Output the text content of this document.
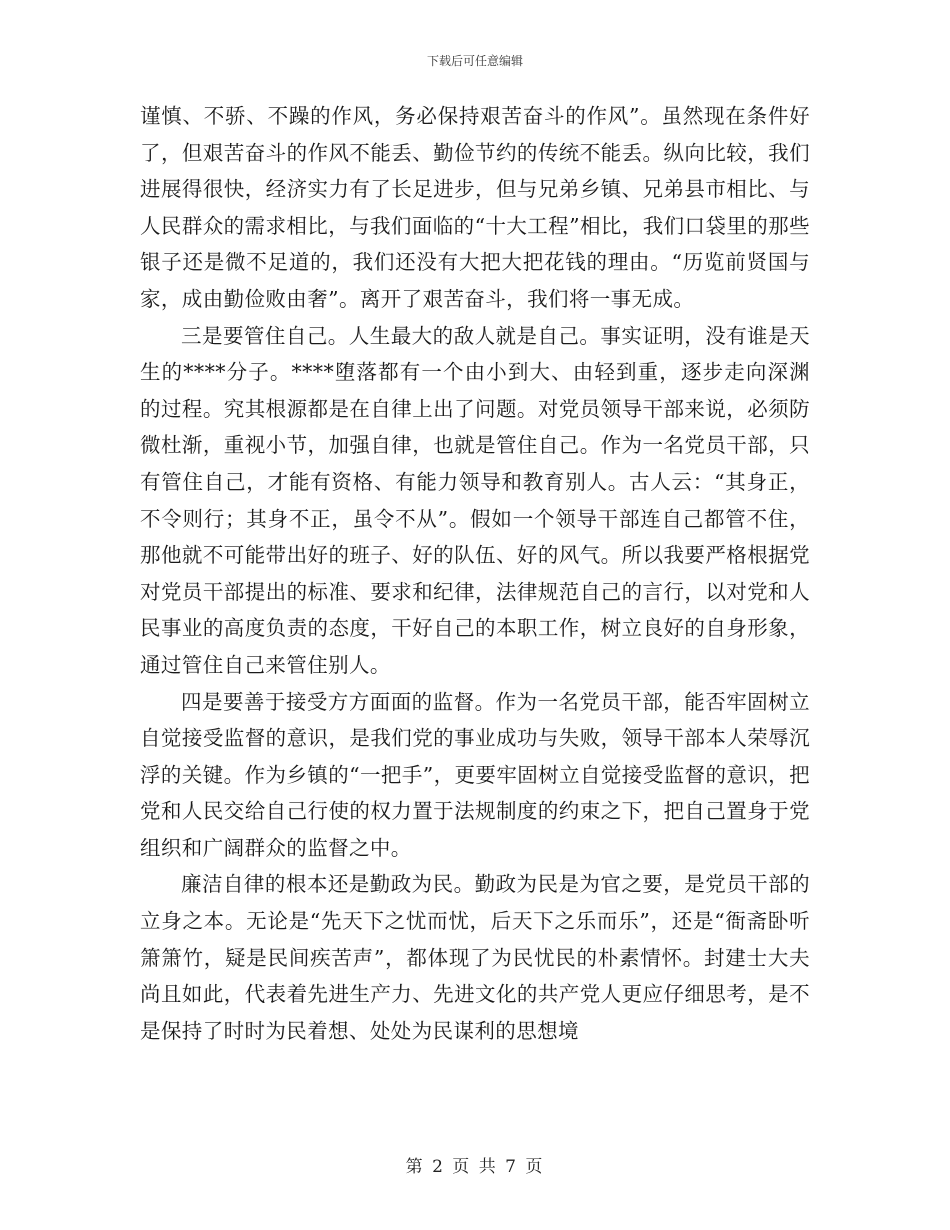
下载后可任意编辑

谨慎、不骄、不躁的作风，务必保持艰苦奋斗的作风”。虽然现在条件好了，但艰苦奋斗的作风不能丢、勤俭节约的传统不能丢。纵向比较，我们进展得很快，经济实力有了长足进步，但与兄弟乡镇、兄弟县市相比、与人民群众的需求相比，与我们面临的“十大工程”相比，我们口袋里的那些银子还是微不足道的，我们还没有大把大把花钱的理由。“历览前贤国与家，成由勤俭败由奢”。离开了艰苦奋斗，我们将一事无成。

三是要管住自己。人生最大的敌人就是自己。事实证明，没有谁是天生的****分子。****堕落都有一个由小到大、由轻到重，逐步走向深渊的过程。究其根源都是在自律上出了问题。对党员领导干部来说，必须防微杜渐，重视小节，加强自律，也就是管住自己。作为一名党员干部，只有管住自己，才能有资格、有能力领导和教育别人。古人云：“其身正，不令则行；其身不正，虽令不从”。假如一个领导干部连自己都管不住，那他就不可能带出好的班子、好的队伍、好的风气。所以我要严格根据党对党员干部提出的标准、要求和纪律，法律规范自己的言行，以对党和人民事业的高度负责的态度，干好自己的本职工作，树立良好的自身形象，通过管住自己来管住别人。

四是要善于接受方方面面的监督。作为一名党员干部，能否牢固树立自觉接受监督的意识，是我们党的事业成功与失败，领导干部本人荣辱沉浮的关键。作为乡镇的“一把手”，更要牢固树立自觉接受监督的意识，把党和人民交给自己行使的权力置于法规制度的约束之下，把自己置身于党组织和广阔群众的监督之中。

廉洁自律的根本还是勤政为民。勤政为民是为官之要，是党员干部的立身之本。无论是“先天下之忧而忧，后天下之乐而乐”，还是“衙斋卧听箫箫竹，疑是民间疾苦声”，都体现了为民忧民的朴素情怀。封建士大夫尚且如此，代表着先进生产力、先进文化的共产党人更应仔细思考，是不是保持了时时为民着想、处处为民谋利的思想境

第 2 页 共 7 页
